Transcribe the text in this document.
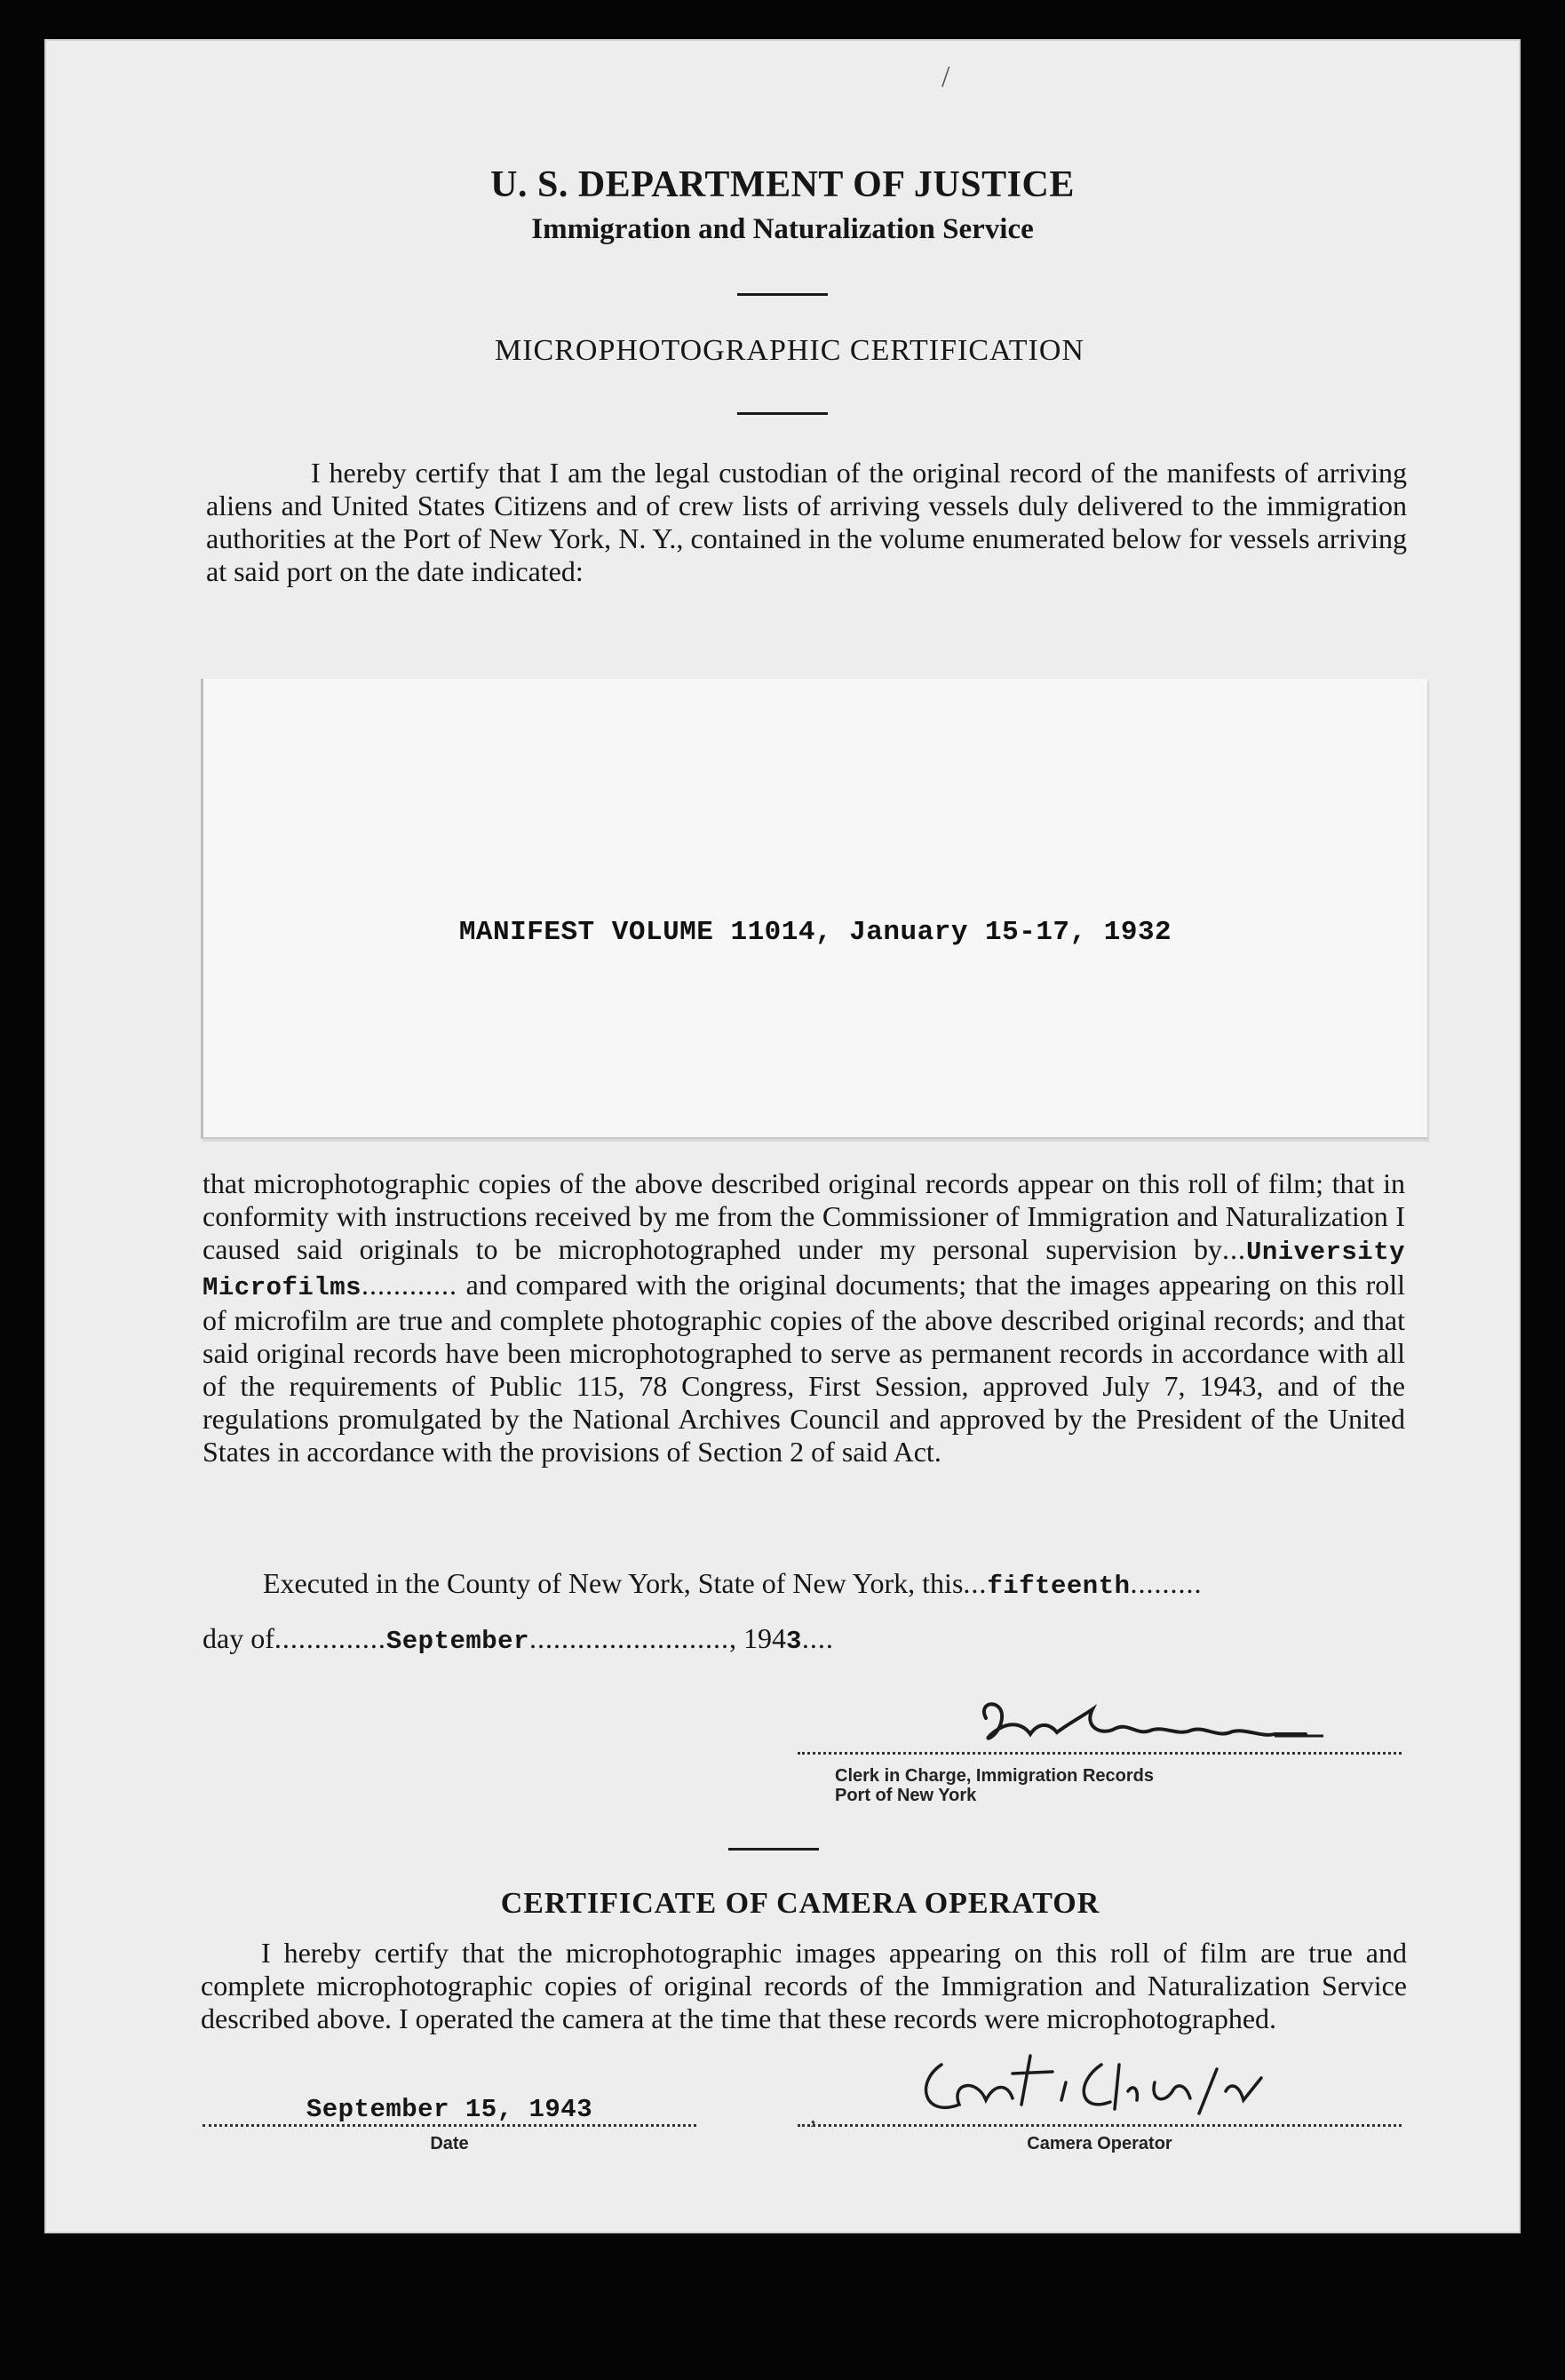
/
U. S. DEPARTMENT OF JUSTICE
Immigration and Naturalization Service
MICROPHOTOGRAPHIC CERTIFICATION
I hereby certify that I am the legal custodian of the original record of the manifests of arriving aliens and United States Citizens and of crew lists of arriving vessels duly delivered to the immigration authorities at the Port of New York, N. Y., contained in the volume enumerated below for vessels arriving at said port on the date indicated:
MANIFEST VOLUME 11014, January 15-17, 1932
that microphotographic copies of the above described original records appear on this roll of film; that in conformity with instructions received by me from the Commissioner of Immigration and Naturalization I caused said originals to be microphotographed under my personal supervision by...University Microfilms............ and compared with the original documents; that the images appearing on this roll of microfilm are true and complete photographic copies of the above described original records; and that said original records have been microphotographed to serve as permanent records in accordance with all of the requirements of Public 115, 78 Congress, First Session, approved July 7, 1943, and of the regulations promulgated by the National Archives Council and approved by the President of the United States in accordance with the provisions of Section 2 of said Act.
Executed in the County of New York, State of New York, this...fifteenth.........
day of..............September........................., 1943....
Clerk in Charge, Immigration Records
Port of New York
CERTIFICATE OF CAMERA OPERATOR
I hereby certify that the microphotographic images appearing on this roll of film are true and complete microphotographic copies of original records of the Immigration and Naturalization Service described above. I operated the camera at the time that these records were microphotographed.
September 15, 1943
Date
,
Camera Operator
